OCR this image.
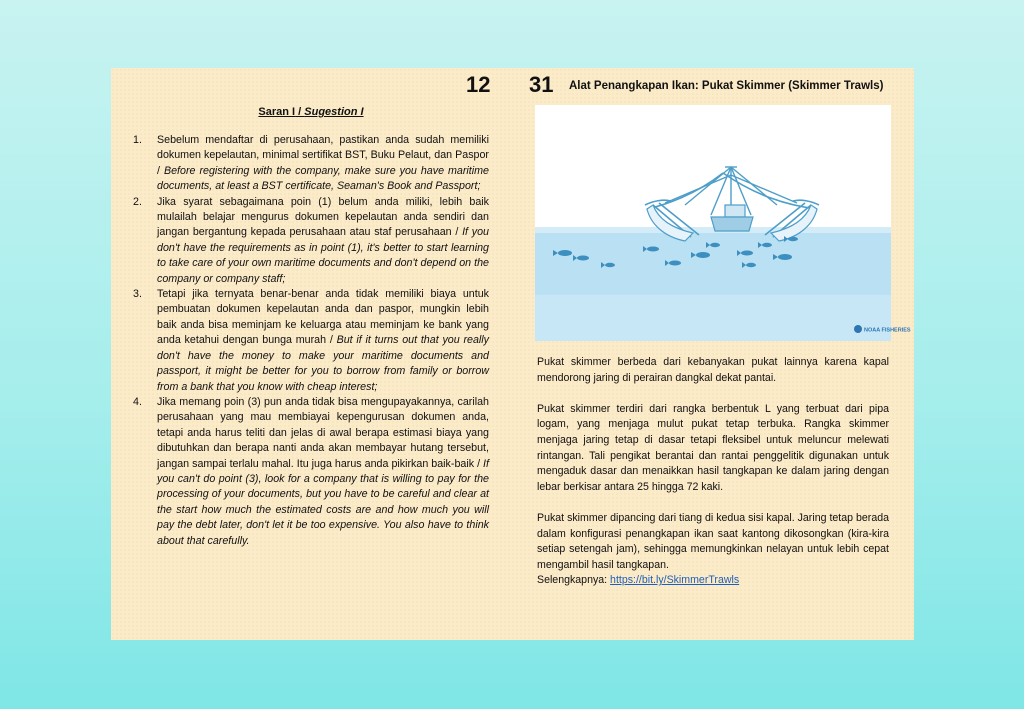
12 31 Alat Penangkapan Ikan: Pukat Skimmer (Skimmer Trawls)
Saran I / Sugestion I
1. Sebelum mendaftar di perusahaan, pastikan anda sudah memiliki dokumen kepelautan, minimal sertifikat BST, Buku Pelaut, dan Paspor / Before registering with the company, make sure you have maritime documents, at least a BST certificate, Seaman's Book and Passport;
2. Jika syarat sebagaimana poin (1) belum anda miliki, lebih baik mulailah belajar mengurus dokumen kepelautan anda sendiri dan jangan bergantung kepada perusahaan atau staf perusahaan / If you don't have the requirements as in point (1), it's better to start learning to take care of your own maritime documents and don't depend on the company or company staff;
3. Tetapi jika ternyata benar-benar anda tidak memiliki biaya untuk pembuatan dokumen kepelautan anda dan paspor, mungkin lebih baik anda bisa meminjam ke keluarga atau meminjam ke bank yang anda ketahui dengan bunga murah / But if it turns out that you really don't have the money to make your maritime documents and passport, it might be better for you to borrow from family or borrow from a bank that you know with cheap interest;
4. Jika memang poin (3) pun anda tidak bisa mengupayakannya, carilah perusahaan yang mau membiayai kepengurusan dokumen anda, tetapi anda harus teliti dan jelas di awal berapa estimasi biaya yang dibutuhkan dan berapa nanti anda akan membayar hutang tersebut, jangan sampai terlalu mahal. Itu juga harus anda pikirkan baik-baik / If you can't do point (3), look for a company that is willing to pay for the processing of your documents, but you have to be careful and clear at the start how much the estimated costs are and how much you will pay the debt later, don't let it be too expensive. You also have to think about that carefully.
NOAA FISHERIES

Pukat skimmer berbeda dari kebanyakan pukat lainnya karena kapal mendorong jaring di perairan dangkal dekat pantai.

Pukat skimmer terdiri dari rangka berbentuk L yang terbuat dari pipa logam, yang menjaga mulut pukat tetap terbuka. Rangka skimmer menjaga jaring tetap di dasar tetapi fleksibel untuk meluncur melewati rintangan. Tali pengikat berantai dan rantai penggelitik digunakan untuk mengaduk dasar dan menaikkan hasil tangkapan ke dalam jaring dengan lebar berkisar antara 25 hingga 72 kaki.

Pukat skimmer dipancing dari tiang di kedua sisi kapal. Jaring tetap berada dalam konfigurasi penangkapan ikan saat kantong dikosongkan (kira-kira setiap setengah jam), sehingga memungkinkan nelayan untuk lebih cepat mengambil hasil tangkapan.

Selengkapnya: https://bit.ly/SkimmerTrawls
